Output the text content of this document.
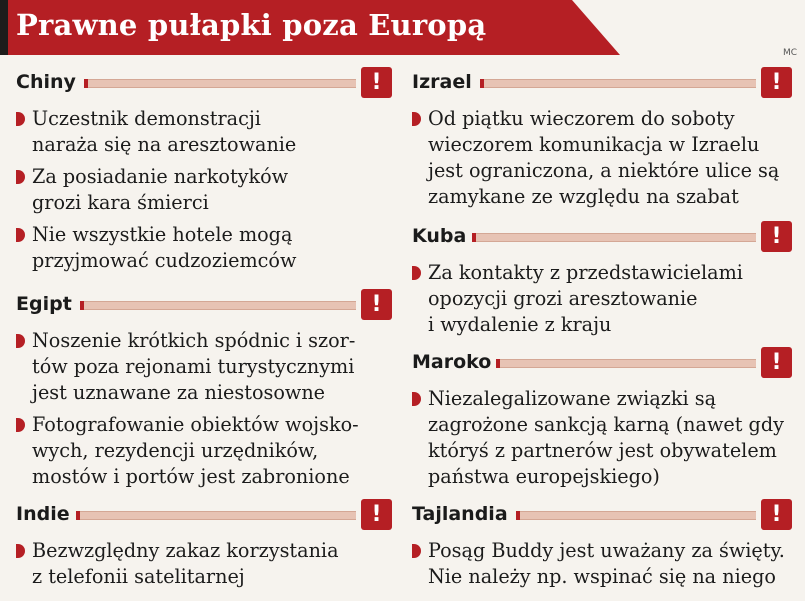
Prawne pułapki poza Europą
MC
Chiny
!
Uczestnik demonstracji
naraża się na aresztowanie
Za posiadanie narkotyków
grozi kara śmierci
Nie wszystkie hotele mogą
przyjmować cudzoziemców
Egipt
!
Noszenie krótkich spódnic i szor-
tów poza rejonami turystycznymi
jest uznawane za niestosowne
Fotografowanie obiektów wojsko-
wych, rezydencji urzędników,
mostów i portów jest zabronione
Indie
!
Bezwzględny zakaz korzystania
z telefonii satelitarnej
Izrael
!
Od piątku wieczorem do soboty
wieczorem komunikacja w Izraelu
jest ograniczona, a niektóre ulice są
zamykane ze względu na szabat
Kuba
!
Za kontakty z przedstawicielami
opozycji grozi aresztowanie
i wydalenie z kraju
Maroko
!
Niezalegalizowane związki są
zagrożone sankcją karną (nawet gdy
któryś z partnerów jest obywatelem
państwa europejskiego)
Tajlandia
!
Posąg Buddy jest uważany za święty.
Nie należy np. wspinać się na niego
